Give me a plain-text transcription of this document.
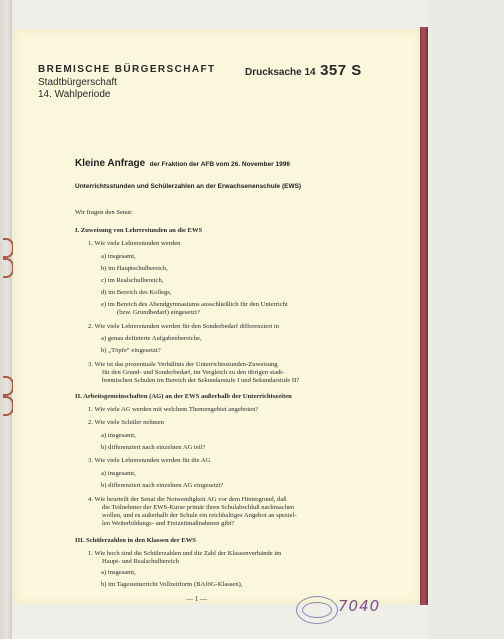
BREMISCHE BÜRGERSCHAFT
Stadtbürgerschaft
14. Wahlperiode
Drucksache 14 357 S
Kleine Anfrage der Fraktion der AFB vom 26. November 1996
Unterrichtsstunden und Schülerzahlen an der Erwachsenenschule (EWS)
Wir fragen den Senat:
I. Zuweisung von Lehrerstunden an die EWS
1. Wie viele Lehrerstunden werden
a) insgesamt,
b) im Hauptschulbereich,
c) im Realschulbereich,
d) im Bereich des Kollegs,
e) im Bereich des Abendgymnasiums ausschließlich für den Unterricht
(bzw. Grundbedarf) eingesetzt?
2. Wie viele Lehrerstunden werden für den Sonderbedarf differenziert in
a) genau definierte Aufgabenbereiche,
b) „Töpfe“ eingesetzt?
3. Wie ist das prozentuale Verhältnis der Unterrichtsstunden-Zuweisung
für den Grund- und Sonderbedarf, im Vergleich zu den übrigen stadt-
bremischen Schulen im Bereich der Sekundarstufe I und Sekundarstufe II?
II. Arbeitsgemeinschaften (AG) an der EWS außerhalb der Unterrichtszeiten
1. Wie viele AG werden mit welchem Themengebiet angeboten?
2. Wie viele Schüler nehmen
a) insgesamt,
b) differenziert nach einzelnen AG teil?
3. Wie viele Lehrerstunden werden für die AG
a) insgesamt,
b) differenziert nach einzelnen AG eingesetzt?
4. Wie beurteilt der Senat die Notwendigkeit AG vor dem Hintergrund, daß
die Teilnehmer der EWS-Kurse primär ihren Schulabschluß nachmachen
wollen, und es außerhalb der Schule ein reichhaltiges Angebot an speziel-
len Weiterbildungs- und Freizeitmaßnahmen gibt?
III. Schülerzahlen in den Klassen der EWS
1. Wie hoch sind die Schülerzahlen und die Zahl der Klassenverbände im
Haupt- und Realschulbereich
a) insgesamt,
b) im Tagesunterricht Vollzeitform (BAföG-Klassen),
— 1 —	7040
